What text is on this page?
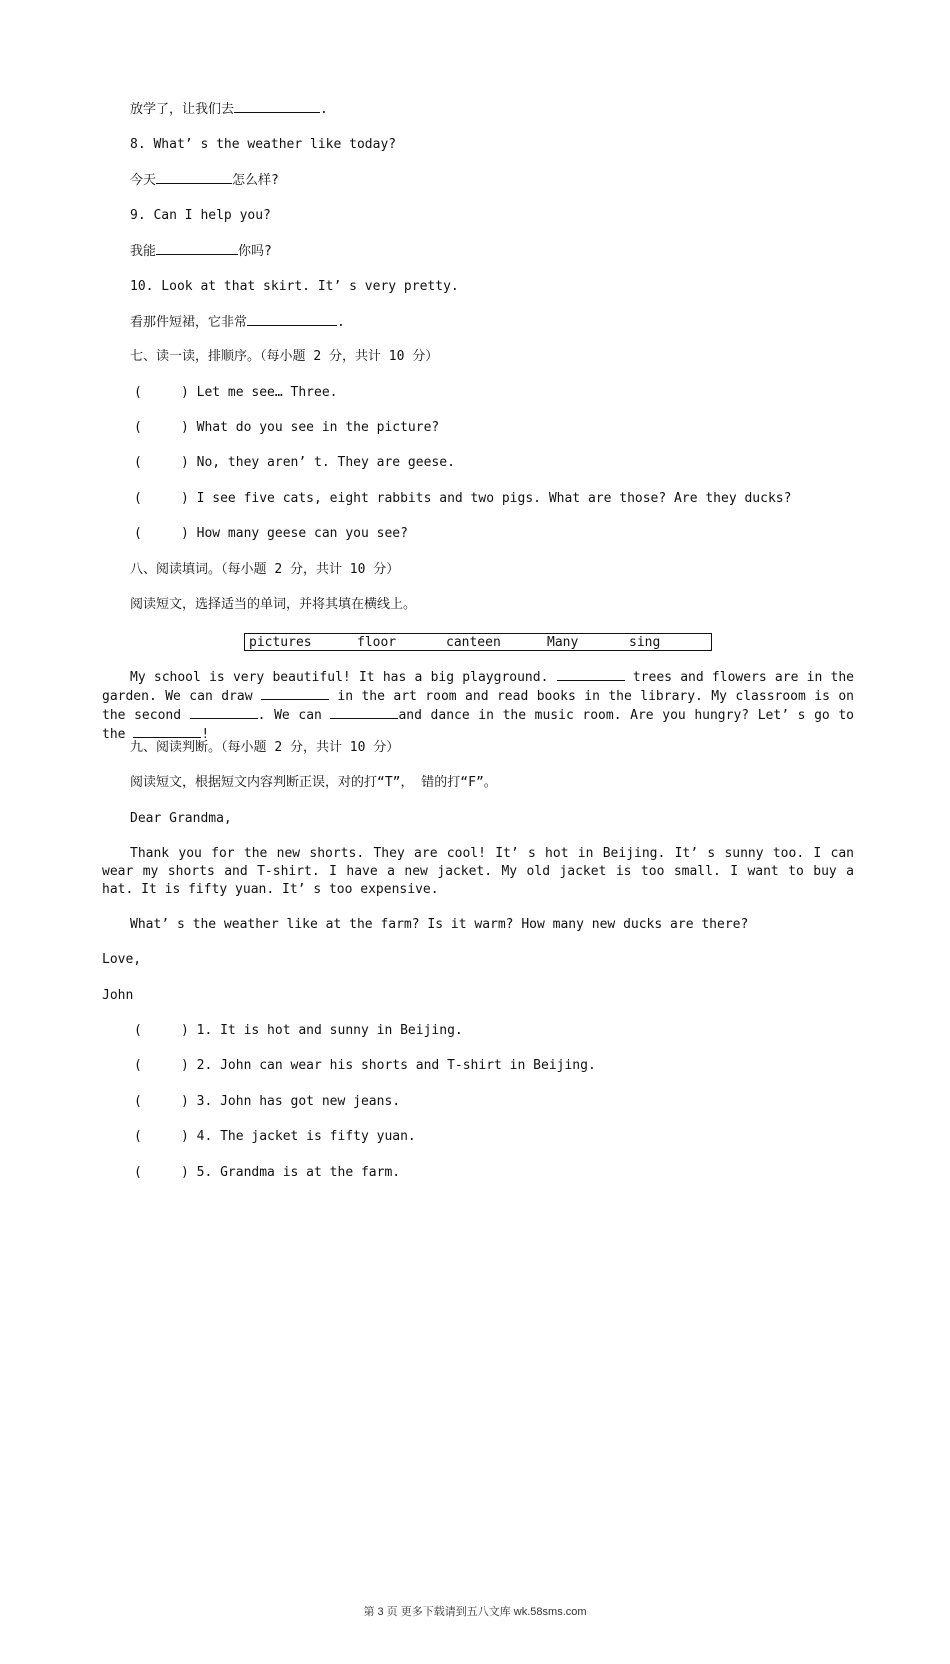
放学了，让我们去	.
8. What’ s the weather like today?
今天	怎么样?
9. Can I help you?
我能	你吗?
10. Look at that skirt. It’ s very pretty.
看那件短裙，它非常	.
七、读一读，排顺序。（每小题 2 分，共计 10 分）
(     ) Let me see… Three.
(     ) What do you see in the picture?
(     ) No, they aren’ t. They are geese.
(     ) I see five cats, eight rabbits and two pigs. What are those? Are they ducks?
(     ) How many geese can you see?
八、阅读填词。（每小题 2 分，共计 10 分）
阅读短文，选择适当的单词，并将其填在横线上。
pictures	floor	canteen	Many	sing
My school is very beautiful! It has a big playground.	trees and flowers are in the garden. We can draw	in the art room and read books in the library. My classroom is on the second	. We can	and dance in the music room. Are you hungry? Let’ s go to the	!
九、阅读判断。（每小题 2 分，共计 10 分）
阅读短文，根据短文内容判断正误，对的打“T”， 错的打“F”。
Dear Grandma,
Thank you for the new shorts. They are cool! It’ s hot in Beijing. It’ s sunny too. I can wear my shorts and T-shirt. I have a new jacket. My old jacket is too small. I want to buy a hat. It is fifty yuan. It’ s too expensive.
What’ s the weather like at the farm? Is it warm? How many new ducks are there?
Love,
John
(     ) 1. It is hot and sunny in Beijing.
(     ) 2. John can wear his shorts and T-shirt in Beijing.
(     ) 3. John has got new jeans.
(     ) 4. The jacket is fifty yuan.
(     ) 5. Grandma is at the farm.
第 3 页 更多下载请到五八文库 wk.58sms.com
